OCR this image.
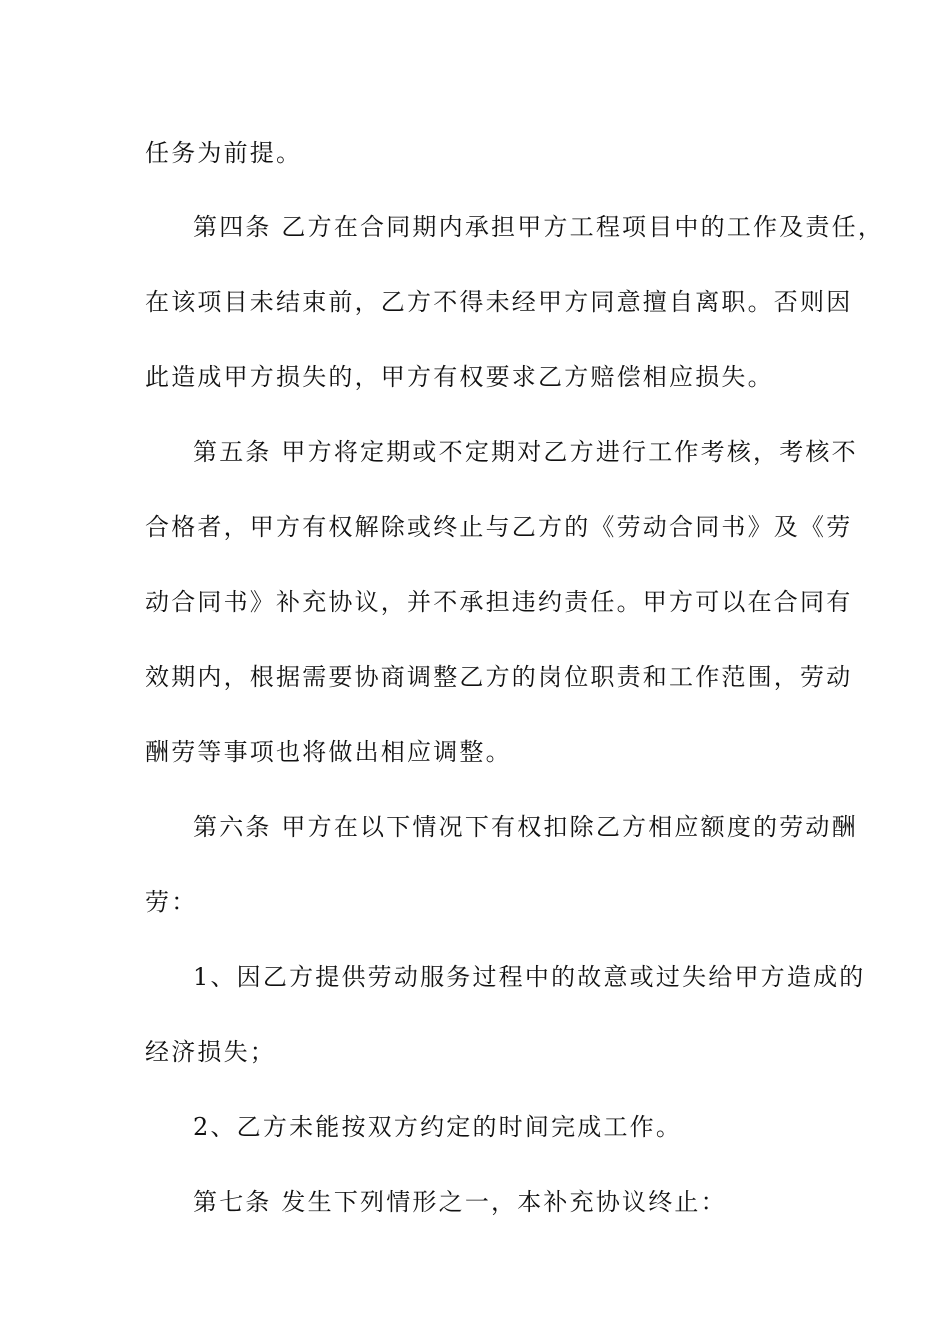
任务为前提。
第四条 乙方在合同期内承担甲方工程项目中的工作及责任，
在该项目未结束前，乙方不得未经甲方同意擅自离职。否则因
此造成甲方损失的，甲方有权要求乙方赔偿相应损失。
第五条 甲方将定期或不定期对乙方进行工作考核，考核不
合格者，甲方有权解除或终止与乙方的《劳动合同书》及《劳
动合同书》补充协议，并不承担违约责任。甲方可以在合同有
效期内，根据需要协商调整乙方的岗位职责和工作范围，劳动
酬劳等事项也将做出相应调整。
第六条 甲方在以下情况下有权扣除乙方相应额度的劳动酬
劳：
1、因乙方提供劳动服务过程中的故意或过失给甲方造成的
经济损失；
2、乙方未能按双方约定的时间完成工作。
第七条 发生下列情形之一，本补充协议终止：
